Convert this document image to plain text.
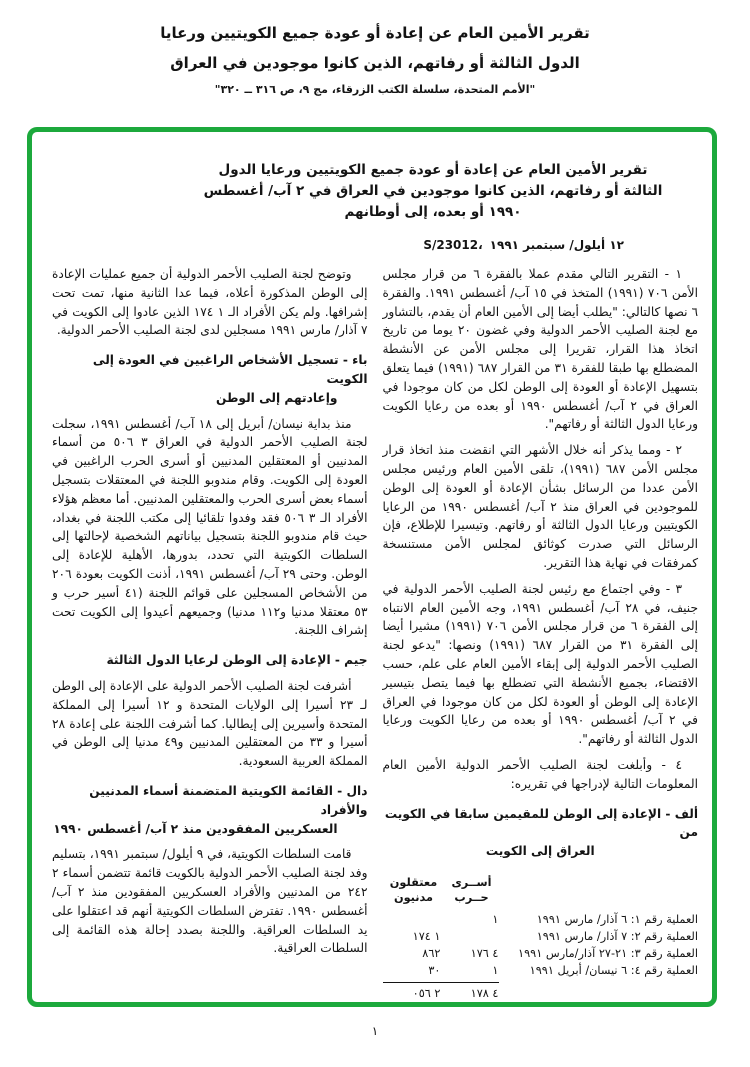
تقرير الأمين العام عن إعادة أو عودة جميع الكويتيين ورعايا
الدول الثالثة أو رفاتهم، الذين كانوا موجودين في العراق
"الأمم المتحدة، سلسلة الكتب الزرقاء، مج ٩، ص ٣١٦ ــ ٣٢٠"
تقرير الأمين العام عن إعادة أو عودة جميع الكويتيين ورعايا الدول
الثالثة أو رفاتهم، الذين كانوا موجودين في العراق في ٢ آب/ أغسطس
١٩٩٠ أو بعده، إلى أوطانهم
S/23012، ١٢ أيلول/ سبتمبر ١٩٩١
١ - التقرير التالي مقدم عملا بالفقرة ٦ من قرار مجلس الأمن ٧٠٦ (١٩٩١) المتخذ في ١٥ آب/ أغسطس ١٩٩١. والفقرة ٦ نصها كالتالي: "يطلب أيضا إلى الأمين العام أن يقدم، بالتشاور مع لجنة الصليب الأحمر الدولية وفي غضون ٢٠ يوما من تاريخ اتخاذ هذا القرار، تقريرا إلى مجلس الأمن عن الأنشطة المضطلع بها طبقا للفقرة ٣١ من القرار ٦٨٧ (١٩٩١) فيما يتعلق بتسهيل الإعادة أو العودة إلى الوطن لكل من كان موجودا في العراق في ٢ آب/ أغسطس ١٩٩٠ أو بعده من رعايا الكويت ورعايا الدول الثالثة أو رفاتهم".
٢ - ومما يذكر أنه خلال الأشهر التي انقضت منذ اتخاذ قرار مجلس الأمن ٦٨٧ (١٩٩١)، تلقى الأمين العام ورئيس مجلس الأمن عددا من الرسائل بشأن الإعادة أو العودة إلى الوطن للموجودين في العراق منذ ٢ آب/ أغسطس ١٩٩٠ من الرعايا الكويتيين ورعايا الدول الثالثة أو رفاتهم. وتيسيرا للإطلاع، فإن الرسائل التي صدرت كوثائق لمجلس الأمن مستنسخة كمرفقات في نهاية هذا التقرير.
٣ - وفي اجتماع مع رئيس لجنة الصليب الأحمر الدولية في جنيف، في ٢٨ آب/ أغسطس ١٩٩١، وجه الأمين العام الانتباه إلى الفقرة ٦ من قرار مجلس الأمن ٧٠٦ (١٩٩١) مشيرا أيضا إلى الفقرة ٣١ من القرار ٦٨٧ (١٩٩١) ونصها: "يدعو لجنة الصليب الأحمر الدولية إلى إبقاء الأمين العام على علم، حسب الاقتضاء، بجميع الأنشطة التي تضطلع بها فيما يتصل بتيسير الإعادة إلى الوطن أو العودة لكل من كان موجودا في العراق في ٢ آب/ أغسطس ١٩٩٠ أو بعده من رعايا الكويت ورعايا الدول الثالثة أو رفاتهم".
٤ - وأبلغت لجنة الصليب الأحمر الدولية الأمين العام المعلومات التالية لإدراجها في تقريره:
ألف - الإعادة إلى الوطن للمقيمين سابقا في الكويت من
العراق إلى الكويت
أســرى
حــرب
معتقلون
مدنيون
العملية رقم ١: ٦ آذار/ مارس ١٩٩١
١
العملية رقم ٢: ٧ آذار/ مارس ١٩٩١
١ ١٧٤
العملية رقم ٣: ٢١-٢٧ آذار/مارس ١٩٩١
٤ ١٧٦
٨٦٢
العملية رقم ٤: ٦ نيسان/ أبريل ١٩٩١
١
٣٠
٤ ١٧٨
٢ ٠٥٦
وتوضح لجنة الصليب الأحمر الدولية أن جميع عمليات الإعادة إلى الوطن المذكورة أعلاه، فيما عدا الثانية منها، تمت تحت إشرافها. ولم يكن الأفراد الـ ١ ١٧٤ الذين عادوا إلى الكويت في ٧ آذار/ مارس ١٩٩١ مسجلين لدى لجنة الصليب الأحمر الدولية.
باء - تسجيل الأشخاص الراغبين في العودة إلى الكويت
وإعادتهم إلى الوطن
منذ بداية نيسان/ أبريل إلى ١٨ آب/ أغسطس ١٩٩١، سجلت لجنة الصليب الأحمر الدولية في العراق ٣ ٥٠٦ من أسماء المدنيين أو المعتقلين المدنيين أو أسرى الحرب الراغبين في العودة إلى الكويت. وقام مندوبو اللجنة في المعتقلات بتسجيل أسماء بعض أسرى الحرب والمعتقلين المدنيين. أما معظم هؤلاء الأفراد الـ ٣ ٥٠٦ فقد وفدوا تلقائيا إلى مكتب اللجنة في بغداد، حيث قام مندوبو اللجنة بتسجيل بياناتهم الشخصية لإحالتها إلى السلطات الكويتية التي تحدد، بدورها، الأهلية للإعادة إلى الوطن. وحتى ٢٩ آب/ أغسطس ١٩٩١، أذنت الكويت بعودة ٢٠٦ من الأشخاص المسجلين على قوائم اللجنة (٤١ أسير حرب و ٥٣ معتقلا مدنيا و١١٢ مدنيا) وجميعهم أعيدوا إلى الكويت تحت إشراف اللجنة.
جيم - الإعادة إلى الوطن لرعايا الدول الثالثة
أشرفت لجنة الصليب الأحمر الدولية على الإعادة إلى الوطن لـ ٢٣ أسيرا إلى الولايات المتحدة و ١٢ أسيرا إلى المملكة المتحدة وأسيرين إلى إيطاليا. كما أشرفت اللجنة على إعادة ٢٨ أسيرا و ٣٣ من المعتقلين المدنيين و٤٩ مدنيا إلى الوطن في المملكة العربية السعودية.
دال - القائمة الكويتية المتضمنة أسماء المدنيين والأفراد
العسكريين المفقودين منذ ٢ آب/ أغسطس ١٩٩٠
قامت السلطات الكويتية، في ٩ أيلول/ سبتمبر ١٩٩١، بتسليم وفد لجنة الصليب الأحمر الدولية بالكويت قائمة تتضمن أسماء ٢ ٢٤٢ من المدنيين والأفراد العسكريين المفقودين منذ ٢ آب/ أغسطس ١٩٩٠. تفترض السلطات الكويتية أنهم قد اعتقلوا على يد السلطات العراقية. واللجنة بصدد إحالة هذه القائمة إلى السلطات العراقية.
١
